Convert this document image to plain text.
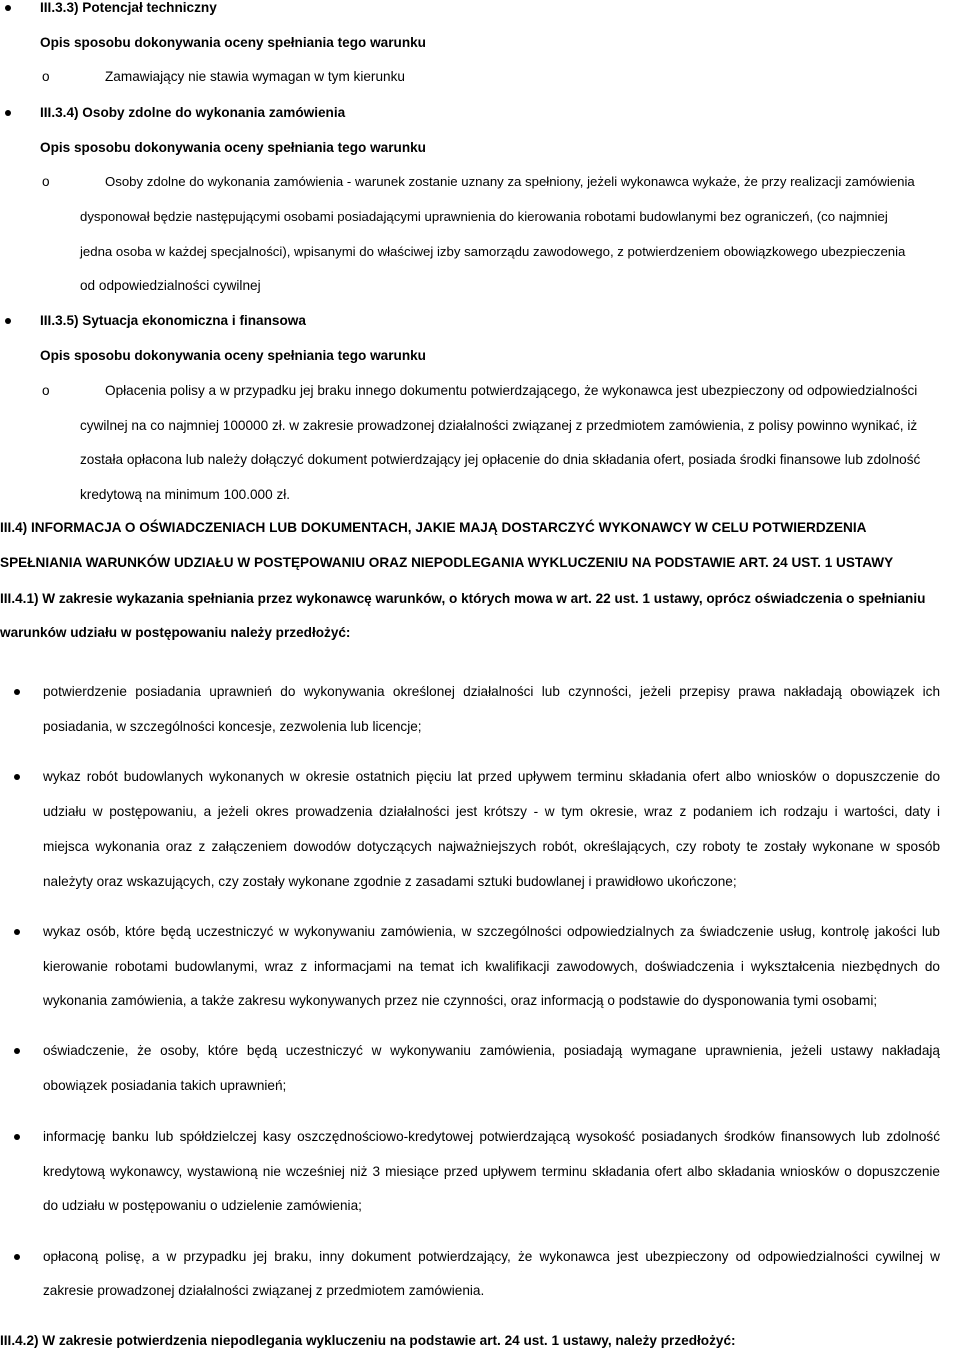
III.3.3) Potencjał techniczny
Opis sposobu dokonywania oceny spełniania tego warunku
o	Zamawiający nie stawia wymagan w tym kierunku
III.3.4) Osoby zdolne do wykonania zamówienia
Opis sposobu dokonywania oceny spełniania tego warunku
o	Osoby zdolne do wykonania zamówienia - warunek zostanie uznany za spełniony, jeżeli wykonawca wykaże, że przy realizacji zamówienia
dysponował będzie następującymi osobami posiadającymi uprawnienia do kierowania robotami budowlanymi bez ograniczeń, (co najmniej
jedna osoba w każdej specjalności), wpisanymi do właściwej izby samorządu zawodowego, z potwierdzeniem obowiązkowego ubezpieczenia
od odpowiedzialności cywilnej
III.3.5) Sytuacja ekonomiczna i finansowa
Opis sposobu dokonywania oceny spełniania tego warunku
o	Opłacenia polisy a w przypadku jej braku innego dokumentu potwierdzającego, że wykonawca jest ubezpieczony od odpowiedzialności
cywilnej na co najmniej 100000 zł. w zakresie prowadzonej działalności związanej z przedmiotem zamówienia, z polisy powinno wynikać, iż
została opłacona lub należy dołączyć dokument potwierdzający jej opłacenie do dnia składania ofert, posiada środki finansowe lub zdolność
kredytową na minimum 100.000 zł.
III.4) INFORMACJA O OŚWIADCZENIACH LUB DOKUMENTACH, JAKIE MAJĄ DOSTARCZYĆ WYKONAWCY W CELU POTWIERDZENIA
SPEŁNIANIA WARUNKÓW UDZIAŁU W POSTĘPOWANIU ORAZ NIEPODLEGANIA WYKLUCZENIU NA PODSTAWIE ART. 24 UST. 1 USTAWY
III.4.1) W zakresie wykazania spełniania przez wykonawcę warunków, o których mowa w art. 22 ust. 1 ustawy, oprócz oświadczenia o spełnianiu
warunków udziału w postępowaniu należy przedłożyć:
potwierdzenie posiadania uprawnień do wykonywania określonej działalności lub czynności, jeżeli przepisy prawa nakładają obowiązek ich
posiadania, w szczególności koncesje, zezwolenia lub licencje;
wykaz robót budowlanych wykonanych w okresie ostatnich pięciu lat przed upływem terminu składania ofert albo wniosków o dopuszczenie do
udziału w postępowaniu, a jeżeli okres prowadzenia działalności jest krótszy - w tym okresie, wraz z podaniem ich rodzaju i wartości, daty i
miejsca wykonania oraz z załączeniem dowodów dotyczących najważniejszych robót, określających, czy roboty te zostały wykonane w sposób
należyty oraz wskazujących, czy zostały wykonane zgodnie z zasadami sztuki budowlanej i prawidłowo ukończone;
wykaz osób, które będą uczestniczyć w wykonywaniu zamówienia, w szczególności odpowiedzialnych za świadczenie usług, kontrolę jakości lub
kierowanie robotami budowlanymi, wraz z informacjami na temat ich kwalifikacji zawodowych, doświadczenia i wykształcenia niezbędnych do
wykonania zamówienia, a także zakresu wykonywanych przez nie czynności, oraz informacją o podstawie do dysponowania tymi osobami;
oświadczenie, że osoby, które będą uczestniczyć w wykonywaniu zamówienia, posiadają wymagane uprawnienia, jeżeli ustawy nakładają
obowiązek posiadania takich uprawnień;
informację banku lub spółdzielczej kasy oszczędnościowo-kredytowej potwierdzającą wysokość posiadanych środków finansowych lub zdolność
kredytową wykonawcy, wystawioną nie wcześniej niż 3 miesiące przed upływem terminu składania ofert albo składania wniosków o dopuszczenie
do udziału w postępowaniu o udzielenie zamówienia;
opłaconą polisę, a w przypadku jej braku, inny dokument potwierdzający, że wykonawca jest ubezpieczony od odpowiedzialności cywilnej w
zakresie prowadzonej działalności związanej z przedmiotem zamówienia.
III.4.2) W zakresie potwierdzenia niepodlegania wykluczeniu na podstawie art. 24 ust. 1 ustawy, należy przedłożyć:
